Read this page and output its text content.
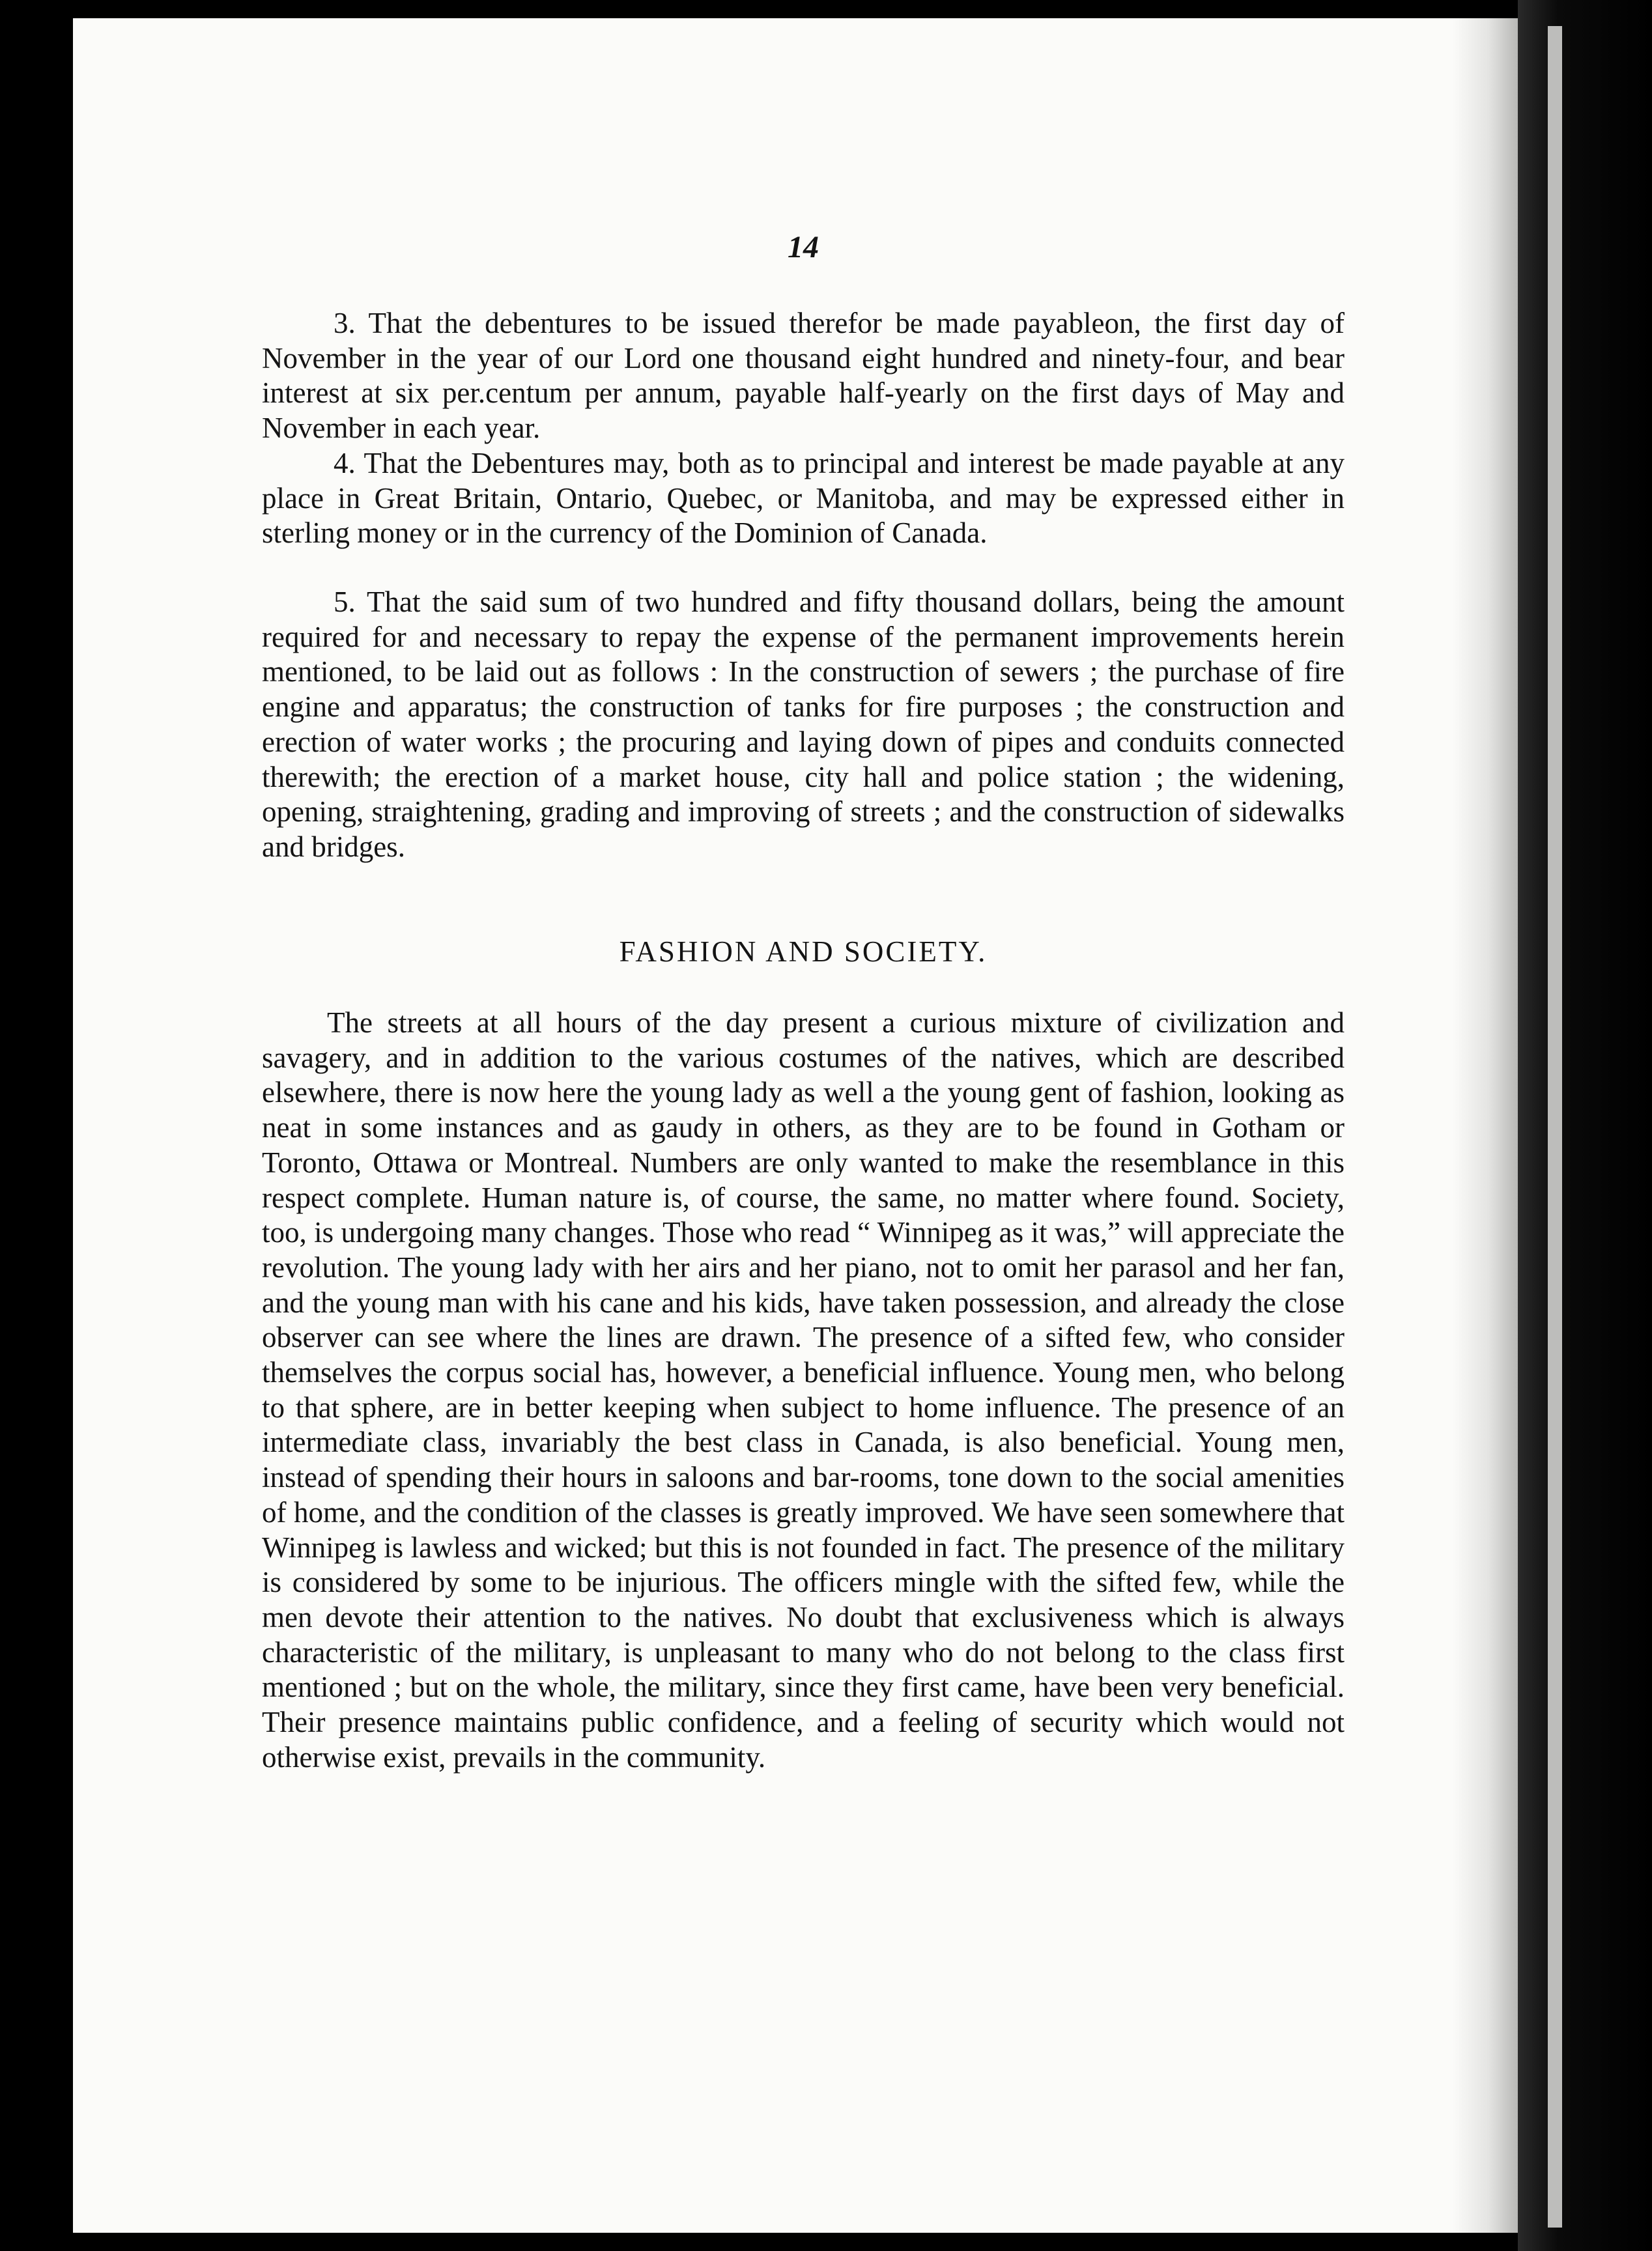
14

3. That the debentures to be issued therefor be made payableon, the first day of November in the year of our Lord one thousand eight hundred and ninety-four, and bear interest at six per.centum per annum, payable half-yearly on the first days of May and November in each year.

4. That the Debentures may, both as to principal and interest be made payable at any place in Great Britain, Ontario, Quebec, or Manitoba, and may be expressed either in sterling money or in the currency of the Dominion of Canada.

5. That the said sum of two hundred and fifty thousand dollars, being the amount required for and necessary to repay the expense of the permanent improvements herein mentioned, to be laid out as follows : In the construction of sewers ; the purchase of fire engine and apparatus; the construction of tanks for fire purposes ; the construction and erection of water works ; the procuring and laying down of pipes and conduits connected therewith; the erection of a market house, city hall and police station ; the widening, opening, straightening, grading and improving of streets ; and the construction of sidewalks and bridges.

FASHION AND SOCIETY.

The streets at all hours of the day present a curious mixture of civilization and savagery, and in addition to the various costumes of the natives, which are described elsewhere, there is now here the young lady as well a the young gent of fashion, looking as neat in some instances and as gaudy in others, as they are to be found in Gotham or Toronto, Ottawa or Montreal. Numbers are only wanted to make the resemblance in this respect complete. Human nature is, of course, the same, no matter where found. Society, too, is undergoing many changes. Those who read “ Winnipeg as it was,” will appreciate the revolution. The young lady with her airs and her piano, not to omit her parasol and her fan, and the young man with his cane and his kids, have taken possession, and already the close observer can see where the lines are drawn. The presence of a sifted few, who consider themselves the corpus social has, however, a beneficial influence. Young men, who belong to that sphere, are in better keeping when subject to home influence. The presence of an intermediate class, invariably the best class in Canada, is also beneficial. Young men, instead of spending their hours in saloons and bar-rooms, tone down to the social amenities of home, and the condition of the classes is greatly improved. We have seen somewhere that Winnipeg is lawless and wicked; but this is not founded in fact. The presence of the military is considered by some to be injurious. The officers mingle with the sifted few, while the men devote their attention to the natives. No doubt that exclusiveness which is always characteristic of the military, is unpleasant to many who do not belong to the class first mentioned ; but on the whole, the military, since they first came, have been very beneficial. Their presence maintains public confidence, and a feeling of security which would not otherwise exist, prevails in the community.
